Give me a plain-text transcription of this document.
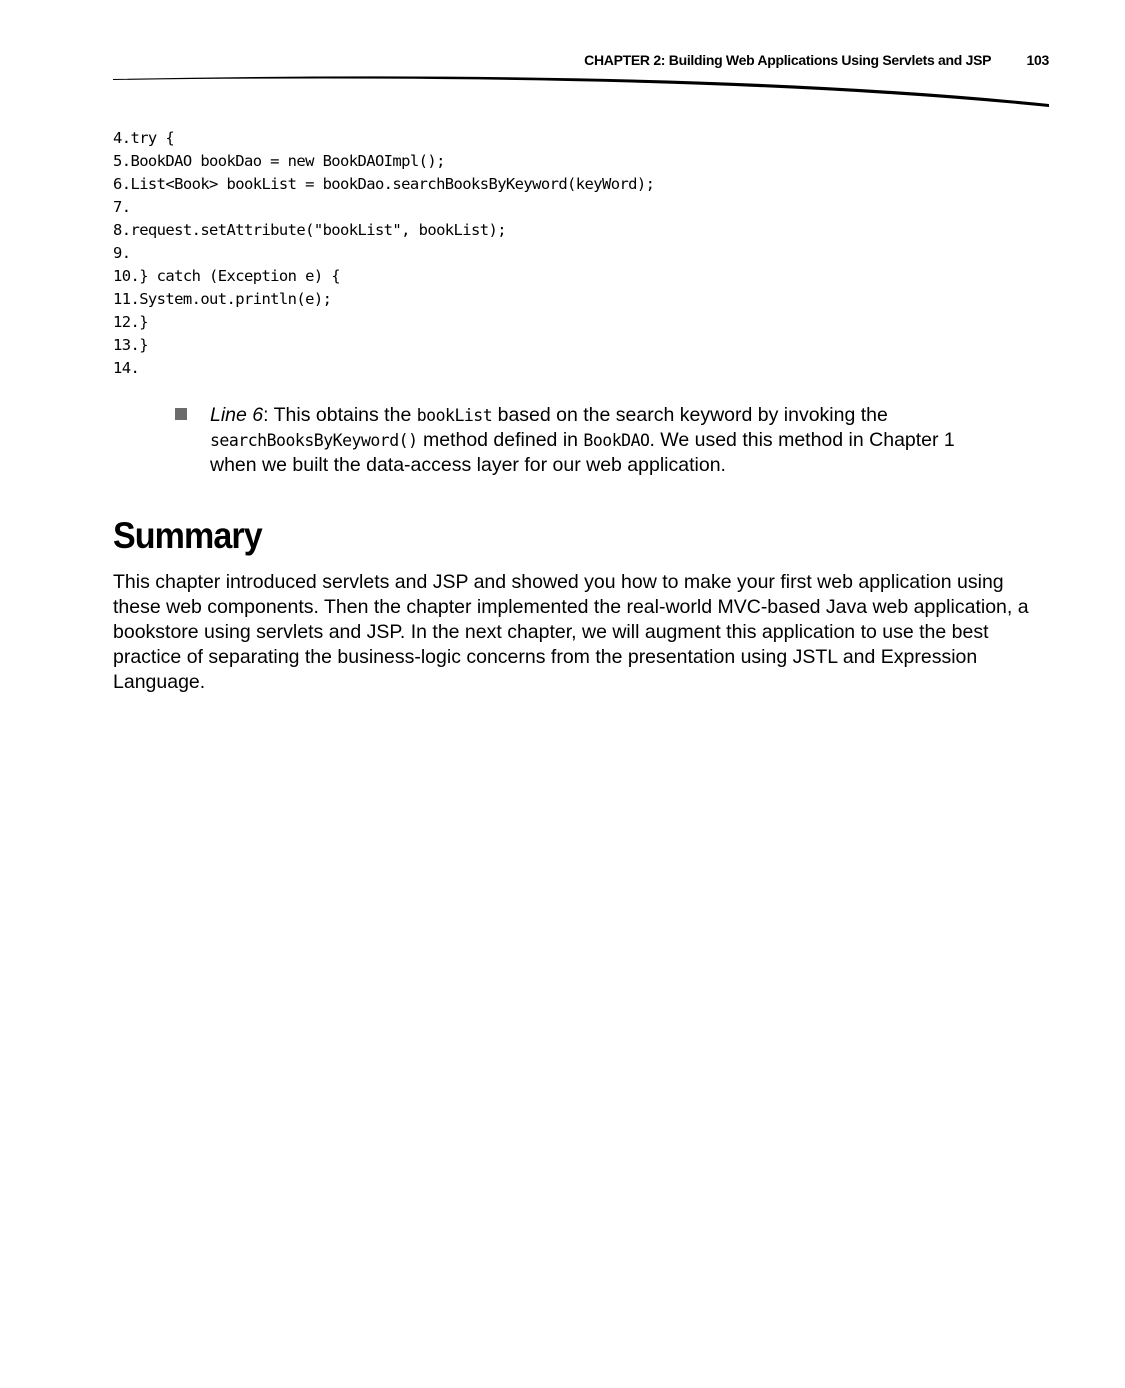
CHAPTER 2: Building Web Applications Using Servlets and JSP	103
4.try {
5.BookDAO bookDao = new BookDAOImpl();
6.List<Book> bookList = bookDao.searchBooksByKeyword(keyWord);
7.
8.request.setAttribute("bookList", bookList);
9.
10.} catch (Exception e) {
11.System.out.println(e);
12.}
13.}
14.
Line 6: This obtains the bookList based on the search keyword by invoking the searchBooksByKeyword() method defined in BookDAO. We used this method in Chapter 1 when we built the data-access layer for our web application.
Summary

This chapter introduced servlets and JSP and showed you how to make your first web application using these web components. Then the chapter implemented the real-world MVC-based Java web application, a bookstore using servlets and JSP. In the next chapter, we will augment this application to use the best practice of separating the business-logic concerns from the presentation using JSTL and Expression Language.
